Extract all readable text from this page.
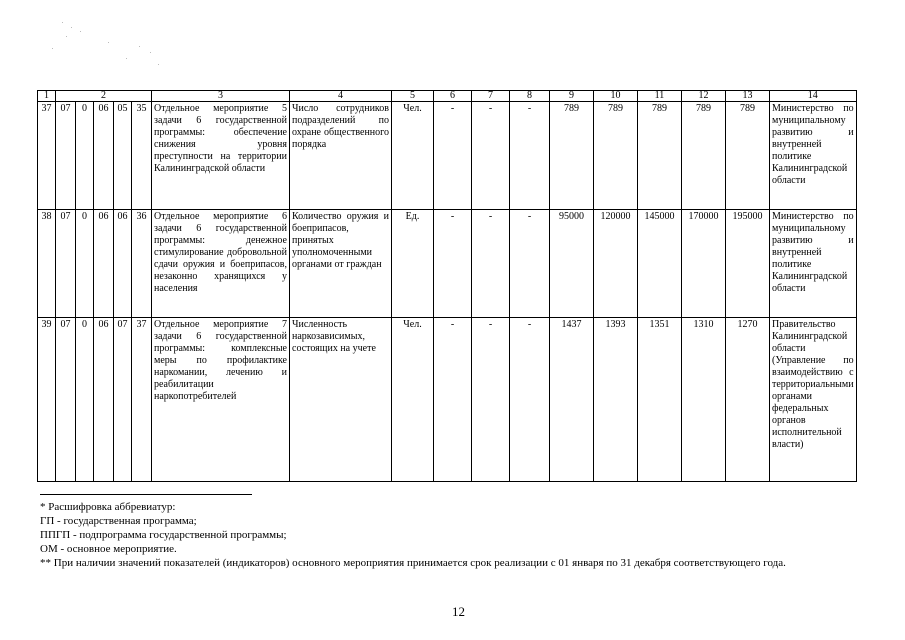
1	2					3	4	5	6	7	8	9	10	11	12	13	14
37	07	0	06	05	35	Отдельное мероприятие 5 задачи 6 государственной программы: обеспечение снижения уровня преступности на территории Калининградской области	Число сотрудников подразделений по охране общественного порядка	Чел.	-	-	-	789	789	789	789	789	Министерство по муниципальному развитию и внутренней политике Калининградской области
38	07	0	06	06	36	Отдельное мероприятие 6 задачи 6 государственной программы: денежное стимулирование добровольной сдачи оружия и боеприпасов, незаконно хранящихся у населения	Количество оружия и боеприпасов, принятых уполномоченными органами от граждан	Ед.	-	-	-	95000	120000	145000	170000	195000	Министерство по муниципальному развитию и внутренней политике Калининградской области
39	07	0	06	07	37	Отдельное мероприятие 7 задачи 6 государственной программы: комплексные меры по профилактике наркомании, лечению и реабилитации наркопотребителей	Численность наркозависимых, состоящих на учете	Чел.	-	-	-	1437	1393	1351	1310	1270	Правительство Калининградской области (Управление по взаимодействию с территориальными органами федеральных органов исполнительной власти)

* Расшифровка аббревиатур:

ГП - государственная программа;

ППГП - подпрограмма государственной программы;

ОМ - основное мероприятие.

** При наличии значений показателей (индикаторов) основного мероприятия принимается срок реализации с 01 января по 31 декабря соответствующего года.

12
